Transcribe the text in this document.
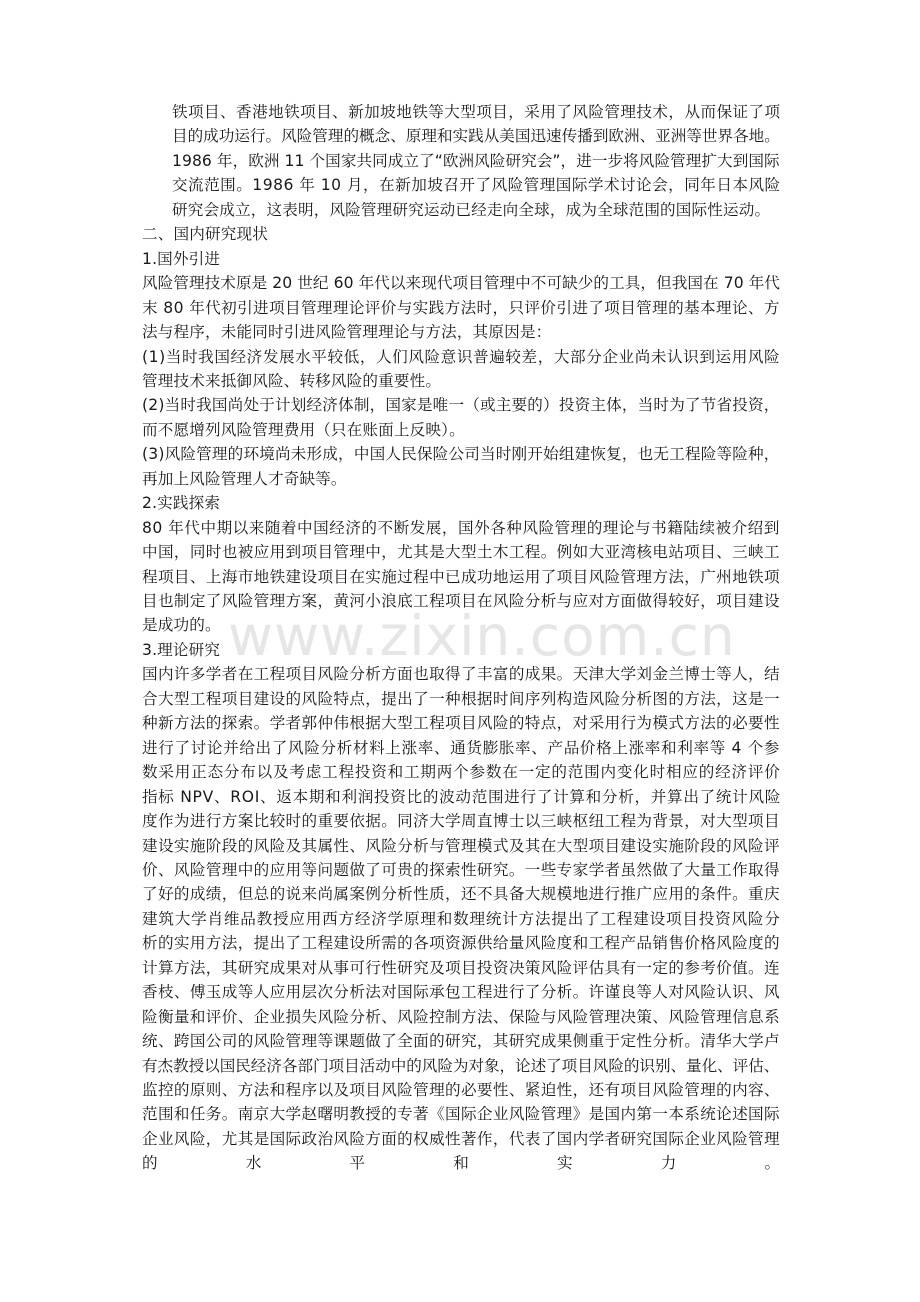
www.zixin.com.cn
铁项目、香港地铁项目、新加坡地铁等大型项目，采用了风险管理技术，从而保证了项
目的成功运行。风险管理的概念、原理和实践从美国迅速传播到欧洲、亚洲等世界各地。
1986 年，欧洲 11 个国家共同成立了“欧洲风险研究会”，进一步将风险管理扩大到国际
交流范围。1986 年 10 月，在新加坡召开了风险管理国际学术讨论会，同年日本风险
研究会成立，这表明，风险管理研究运动已经走向全球，成为全球范围的国际性运动。
二、国内研究现状
1.国外引进
风险管理技术原是 20 世纪 60 年代以来现代项目管理中不可缺少的工具，但我国在 70 年代
末 80 年代初引进项目管理理论评价与实践方法时，只评价引进了项目管理的基本理论、方
法与程序，未能同时引进风险管理理论与方法，其原因是：
(1)当时我国经济发展水平较低，人们风险意识普遍较差，大部分企业尚未认识到运用风险
管理技术来抵御风险、转移风险的重要性。
(2)当时我国尚处于计划经济体制，国家是唯一（或主要的）投资主体，当时为了节省投资，
而不愿增列风险管理费用（只在账面上反映）。
(3)风险管理的环境尚未形成，中国人民保险公司当时刚开始组建恢复，也无工程险等险种，
再加上风险管理人才奇缺等。
2.实践探索
80 年代中期以来随着中国经济的不断发展，国外各种风险管理的理论与书籍陆续被介绍到
中国，同时也被应用到项目管理中，尤其是大型土木工程。例如大亚湾核电站项目、三峡工
程项目、上海市地铁建设项目在实施过程中已成功地运用了项目风险管理方法，广州地铁项
目也制定了风险管理方案，黄河小浪底工程项目在风险分析与应对方面做得较好，项目建设
是成功的。
3.理论研究
国内许多学者在工程项目风险分析方面也取得了丰富的成果。天津大学刘金兰博士等人，结
合大型工程项目建设的风险特点，提出了一种根据时间序列构造风险分析图的方法，这是一
种新方法的探索。学者郭仲伟根据大型工程项目风险的特点，对采用行为模式方法的必要性
进行了讨论并给出了风险分析材料上涨率、通货膨胀率、产品价格上涨率和利率等 4 个参
数采用正态分布以及考虑工程投资和工期两个参数在一定的范围内变化时相应的经济评价
指标 NPV、ROI、返本期和利润投资比的波动范围进行了计算和分析，并算出了统计风险
度作为进行方案比较时的重要依据。同济大学周直博士以三峡枢纽工程为背景，对大型项目
建设实施阶段的风险及其属性、风险分析与管理模式及其在大型项目建设实施阶段的风险评
价、风险管理中的应用等问题做了可贵的探索性研究。一些专家学者虽然做了大量工作取得
了好的成绩，但总的说来尚属案例分析性质，还不具备大规模地进行推广应用的条件。重庆
建筑大学肖维品教授应用西方经济学原理和数理统计方法提出了工程建设项目投资风险分
析的实用方法，提出了工程建设所需的各项资源供给量风险度和工程产品销售价格风险度的
计算方法，其研究成果对从事可行性研究及项目投资决策风险评估具有一定的参考价值。连
香枝、傅玉成等人应用层次分析法对国际承包工程进行了分析。许谨良等人对风险认识、风
险衡量和评价、企业损失风险分析、风险控制方法、保险与风险管理决策、风险管理信息系
统、跨国公司的风险管理等课题做了全面的研究，其研究成果侧重于定性分析。清华大学卢
有杰教授以国民经济各部门项目活动中的风险为对象，论述了项目风险的识别、量化、评估、
监控的原则、方法和程序以及项目风险管理的必要性、紧迫性，还有项目风险管理的内容、
范围和任务。南京大学赵曙明教授的专著《国际企业风险管理》是国内第一本系统论述国际
企业风险，尤其是国际政治风险方面的权威性著作，代表了国内学者研究国际企业风险管理
的水平和实力。
